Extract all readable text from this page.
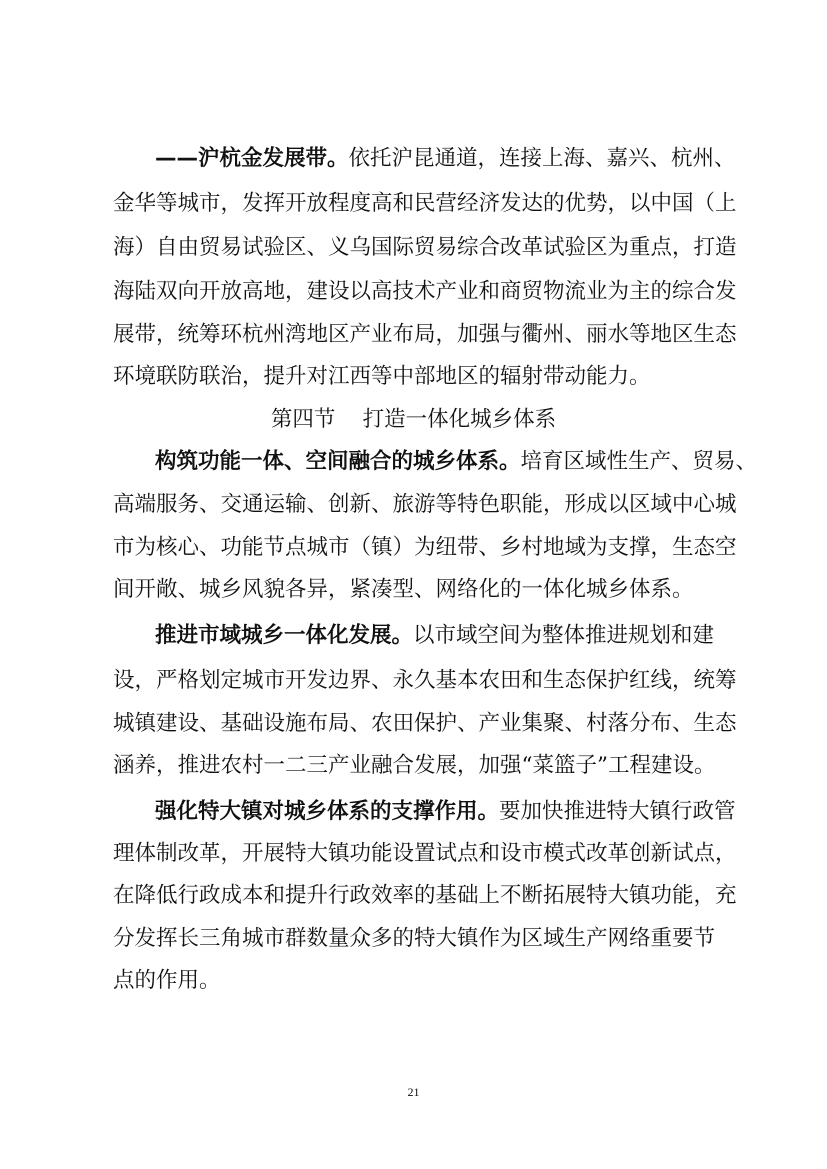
——沪杭金发展带。依托沪昆通道，连接上海、嘉兴、杭州、
金华等城市，发挥开放程度高和民营经济发达的优势，以中国（上
海）自由贸易试验区、义乌国际贸易综合改革试验区为重点，打造
海陆双向开放高地，建设以高技术产业和商贸物流业为主的综合发
展带，统筹环杭州湾地区产业布局，加强与衢州、丽水等地区生态
环境联防联治，提升对江西等中部地区的辐射带动能力。
第四节    打造一体化城乡体系
构筑功能一体、空间融合的城乡体系。培育区域性生产、贸易、
高端服务、交通运输、创新、旅游等特色职能，形成以区域中心城
市为核心、功能节点城市（镇）为纽带、乡村地域为支撑，生态空
间开敞、城乡风貌各异，紧凑型、网络化的一体化城乡体系。
推进市域城乡一体化发展。以市域空间为整体推进规划和建
设，严格划定城市开发边界、永久基本农田和生态保护红线，统筹
城镇建设、基础设施布局、农田保护、产业集聚、村落分布、生态
涵养，推进农村一二三产业融合发展，加强“菜篮子”工程建设。
强化特大镇对城乡体系的支撑作用。要加快推进特大镇行政管
理体制改革，开展特大镇功能设置试点和设市模式改革创新试点，
在降低行政成本和提升行政效率的基础上不断拓展特大镇功能，充
分发挥长三角城市群数量众多的特大镇作为区域生产网络重要节
点的作用。
21
